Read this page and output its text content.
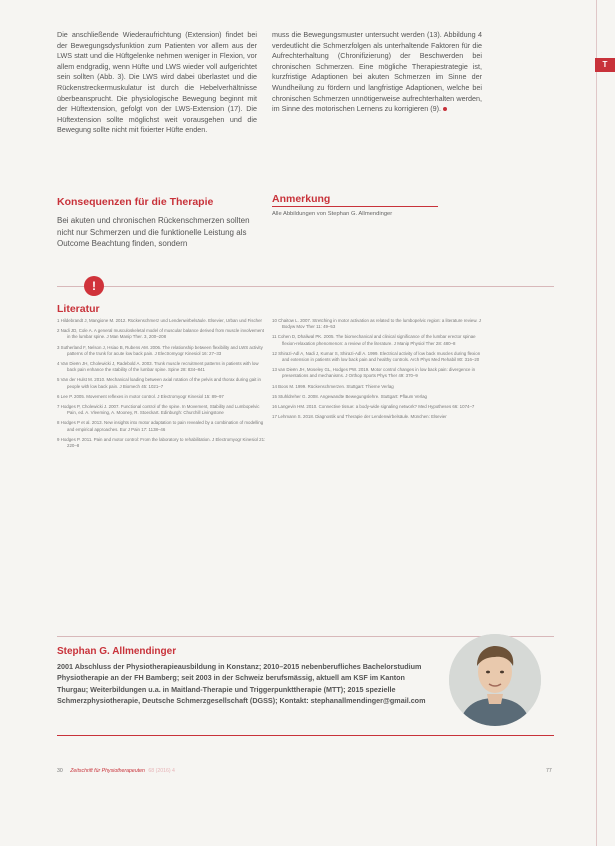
T

Die anschließende Wiederaufrichtung (Extension) findet bei der Bewegungsdysfunktion zum Patienten vor allem aus der LWS statt und die Hüftgelenke nehmen weniger in Flexion, vor allem endgradig, wenn Hüfte und LWS wieder voll aufgerichtet sein sollten (Abb. 3). Die LWS wird dabei überlastet und die Rückenstreckermuskulatur ist durch die Hebelverhältnisse überbeansprucht. Die physiologische Bewegung beginnt mit der Hüftextension, gefolgt von der LWS-Extension (17). Die Hüftextension sollte möglichst weit vorausgehen und die Bewegung sollte nicht mit fixierter Hüfte enden.

muss die Bewegungsmuster untersucht werden (13). Abbildung 4 verdeutlicht die Schmerzfolgen als unterhaltende Faktoren für die Aufrechterhaltung (Chronifizierung) der Beschwerden bei chronischen Schmerzen. Eine mögliche Therapiestrategie ist, kurzfristige Adaptionen bei akuten Schmerzen im Sinne der Wundheilung zu fördern und langfristige Adaptionen, welche bei chronischen Schmerzen unnötigerweise aufrechterhalten werden, im Sinne des motorischen Lernens zu korrigieren (9).

Konsequenzen für die Therapie

Bei akuten und chronischen Rückenschmerzen sollten nicht nur Schmerzen und die funktionelle Leistung als Outcome Beachtung finden, sondern

Anmerkung
Alle Abbildungen von Stephan G. Allmendinger
!
Literatur

1 Hildebrandt J, Mangione M. 2012. Rückenschmerz und Lendenwirbelsäule. Elsevier, Urban und Fischer

2 Nadi JD, Cole A. A general musculoskeletal model of muscular balance derived from muscle involvement in the lumbar spine. J Man Manip Ther. 3, 200–208

3 Sutherland F, Nelson J, Hsiao B, Rubens AM. 2006. The relationship between flexibility and LWS activity patterns of the trunk for acute low back pain. J Electromyogr Kinesiol 16: 27–33

4 Van Dieën JH, Cholewicki J, Radebold A. 2003. Trunk muscle recruitment patterns in patients with low back pain enhance the stability of the lumbar spine. Spine 28: 834–841

5 Van der Hulst M. 2010. Mechanical loading between axial rotation of the pelvis and thorax during gait in people with low back pain. J Biomech 45: 1021–7

6 Lee P. 2005. Movement reflexes in motor control. J Electromyogr Kinesiol 15: 89–97

7 Hodges P, Cholewicki J. 2007. Functional control of the spine. In Movement, Stability and Lumbopelvic Pain, ed. A. Vleeming, A. Mooney, R. Stoeckart. Edinburgh: Churchill Livingstone

8 Hodges P et al. 2013. New insights into motor adaptation to pain revealed by a combination of modelling and empirical approaches. Eur J Pain 17: 1138–46

9 Hodges P. 2011. Pain and motor control: From the laboratory to rehabilitation. J Electromyogr Kinesiol 21: 220–8

10 Chaitow L. 2007. Stretching in motor activation as related to the lumbopelvic region: a literature review. J Bodyw Mov Ther 11: 49–53

11 Cohen D, Dhaliwal PK. 2005. The biomechanical and clinical significance of the lumbar erector spinae flexion-relaxation phenomenon: a review of the literature. J Manip Physiol Ther 28: 480–8

12 Shirazi-Adl A, Nadi J, Kumar S, Shirazi-Adl A. 1999. Electrical activity of low back muscles during flexion and extension in patients with low back pain and healthy controls. Arch Phys Med Rehabil 80: 316–20

13 van Dieën JH, Moseley GL, Hodges PW. 2019. Motor control changes in low back pain: divergence in presentations and mechanisms. J Orthop Sports Phys Ther 49: 370–9

14 Boos M. 1999. Rückenschmerzen. Stuttgart: Thieme Verlag

15 Stuhldreher G. 2008. Angewandte Bewegungslehre. Stuttgart: Pflaum Verlag

16 Langevin HM. 2010. Connective tissue: a body-wide signaling network? Med Hypotheses 66: 1074–7

17 Lehmann S. 2018. Diagnostik und Therapie der Lendenwirbelsäule. München: Elsevier

Stephan G. Allmendinger

2001 Abschluss der Physiotherapieausbildung in Konstanz; 2010–2015 nebenberufliches Bachelorstudium Physiotherapie an der FH Bamberg; seit 2003 in der Schweiz berufsmässig, aktuell am KSF im Kanton Thurgau; Weiterbildungen u.a. in Maitland-Therapie und Triggerpunkttherapie (MTT); 2015 spezielle Schmerzphysiotherapie, Deutsche Schmerzgesellschaft (DGSS); Kontakt: stephanallmendinger@gmail.com

30 Zeitschrift für Physiotherapeuten 68 (2016) 4	77
